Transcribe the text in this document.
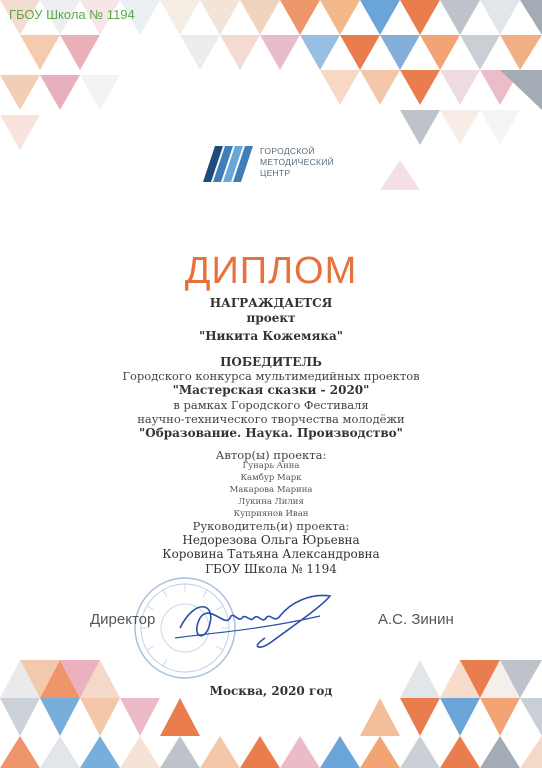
ГБОУ Школа № 1194
ГОРОДСКОЙ
МЕТОДИЧЕСКИЙ
ЦЕНТР
ДИПЛОМ
НАГРАЖДАЕТСЯ
проект
"Никита Кожемяка"
ПОБЕДИТЕЛЬ
Городского конкурса мультимедийных проектов
"Мастерская сказки - 2020"
в рамках Городского Фестиваля
научно-технического творчества молодёжи
"Образование. Наука. Производство"
Автор(ы) проекта:
Гунарь Анна
Камбур Марк
Макарова Марина
Лукина Лилия
Куприянов Иван
Руководитель(и) проекта:
Недорезова Ольга Юрьевна
Коровина Татьяна Александровна
ГБОУ Школа № 1194
Директор	А.С. Зинин
Москва, 2020 год
